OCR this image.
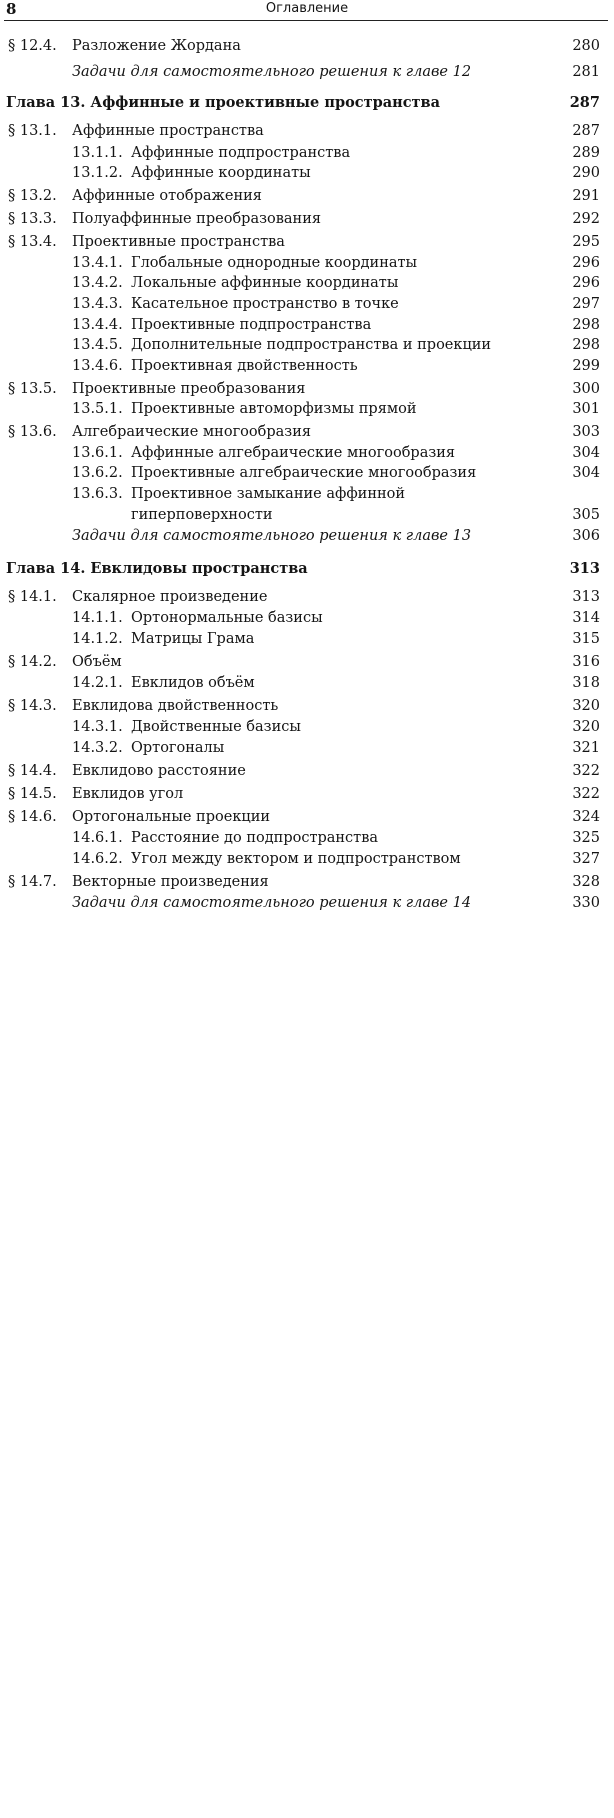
8	Оглавление
§ 12.4. Разложение Жордана	280
Задачи для самостоятельного решения к главе 12	281
Глава 13. Аффинные и проективные пространства	287
§ 13.1. Аффинные пространства	287
13.1.1. Аффинные подпространства	289
13.1.2. Аффинные координаты	290
§ 13.2. Аффинные отображения	291
§ 13.3. Полуаффинные преобразования	292
§ 13.4. Проективные пространства	295
13.4.1. Глобальные однородные координаты	296
13.4.2. Локальные аффинные координаты	296
13.4.3. Касательное пространство в точке	297
13.4.4. Проективные подпространства	298
13.4.5. Дополнительные подпространства и проекции	298
13.4.6. Проективная двойственность	299
§ 13.5. Проективные преобразования	300
13.5.1. Проективные автоморфизмы прямой	301
§ 13.6. Алгебраические многообразия	303
13.6.1. Аффинные алгебраические многообразия	304
13.6.2. Проективные алгебраические многообразия	304
13.6.3. Проективное замыкание аффинной
гиперповерхности	305
Задачи для самостоятельного решения к главе 13	306
Глава 14. Евклидовы пространства	313
§ 14.1. Скалярное произведение	313
14.1.1. Ортонормальные базисы	314
14.1.2. Матрицы Грама	315
§ 14.2. Объём	316
14.2.1. Евклидов объём	318
§ 14.3. Евклидова двойственность	320
14.3.1. Двойственные базисы	320
14.3.2. Ортогоналы	321
§ 14.4. Евклидово расстояние	322
§ 14.5. Евклидов угол	322
§ 14.6. Ортогональные проекции	324
14.6.1. Расстояние до подпространства	325
14.6.2. Угол между вектором и подпространством	327
§ 14.7. Векторные произведения	328
Задачи для самостоятельного решения к главе 14	330
